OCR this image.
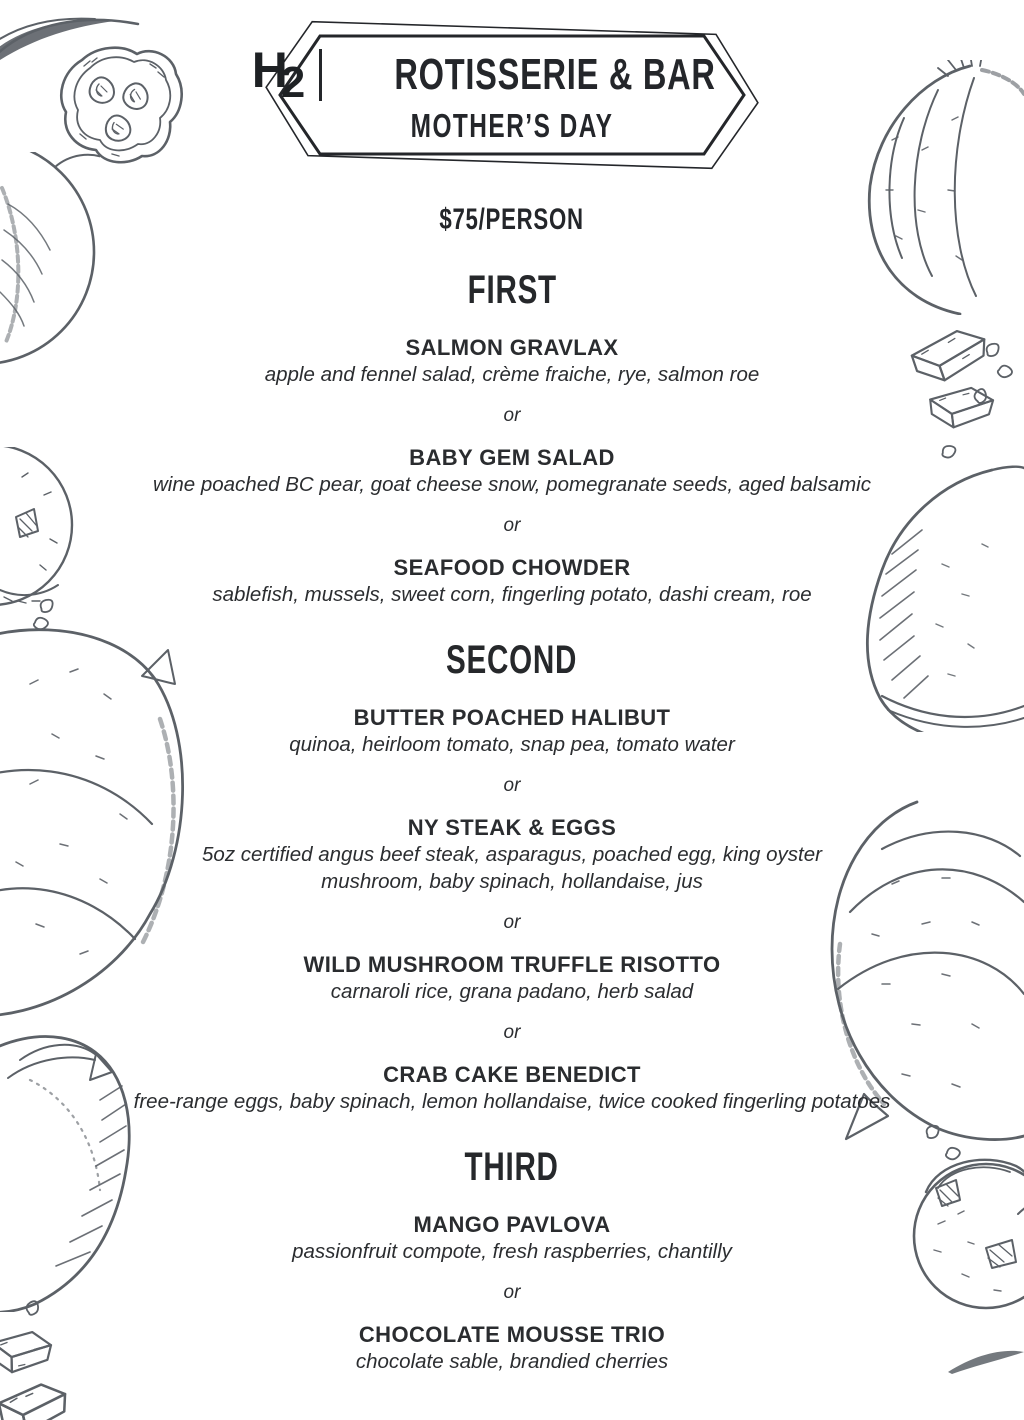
H
2	ROTISSERIE & BAR
MOTHER’S DAY
$75/PERSON
FIRST
SALMON GRAVLAX
apple and fennel salad, crème fraiche, rye, salmon roe
or
BABY GEM SALAD
wine poached BC pear, goat cheese snow, pomegranate seeds, aged balsamic
or
SEAFOOD CHOWDER
sablefish, mussels, sweet corn, fingerling potato, dashi cream, roe
SECOND
BUTTER POACHED HALIBUT
quinoa, heirloom tomato, snap pea, tomato water
or
NY STEAK & EGGS
5oz certified angus beef steak, asparagus, poached egg, king oyster mushroom, baby spinach, hollandaise, jus
or
WILD MUSHROOM TRUFFLE RISOTTO
carnaroli rice, grana padano, herb salad
or
CRAB CAKE BENEDICT
free-range eggs, baby spinach, lemon hollandaise, twice cooked fingerling potatoes
THIRD
MANGO PAVLOVA
passionfruit compote, fresh raspberries, chantilly
or
CHOCOLATE MOUSSE TRIO
chocolate sable, brandied cherries
